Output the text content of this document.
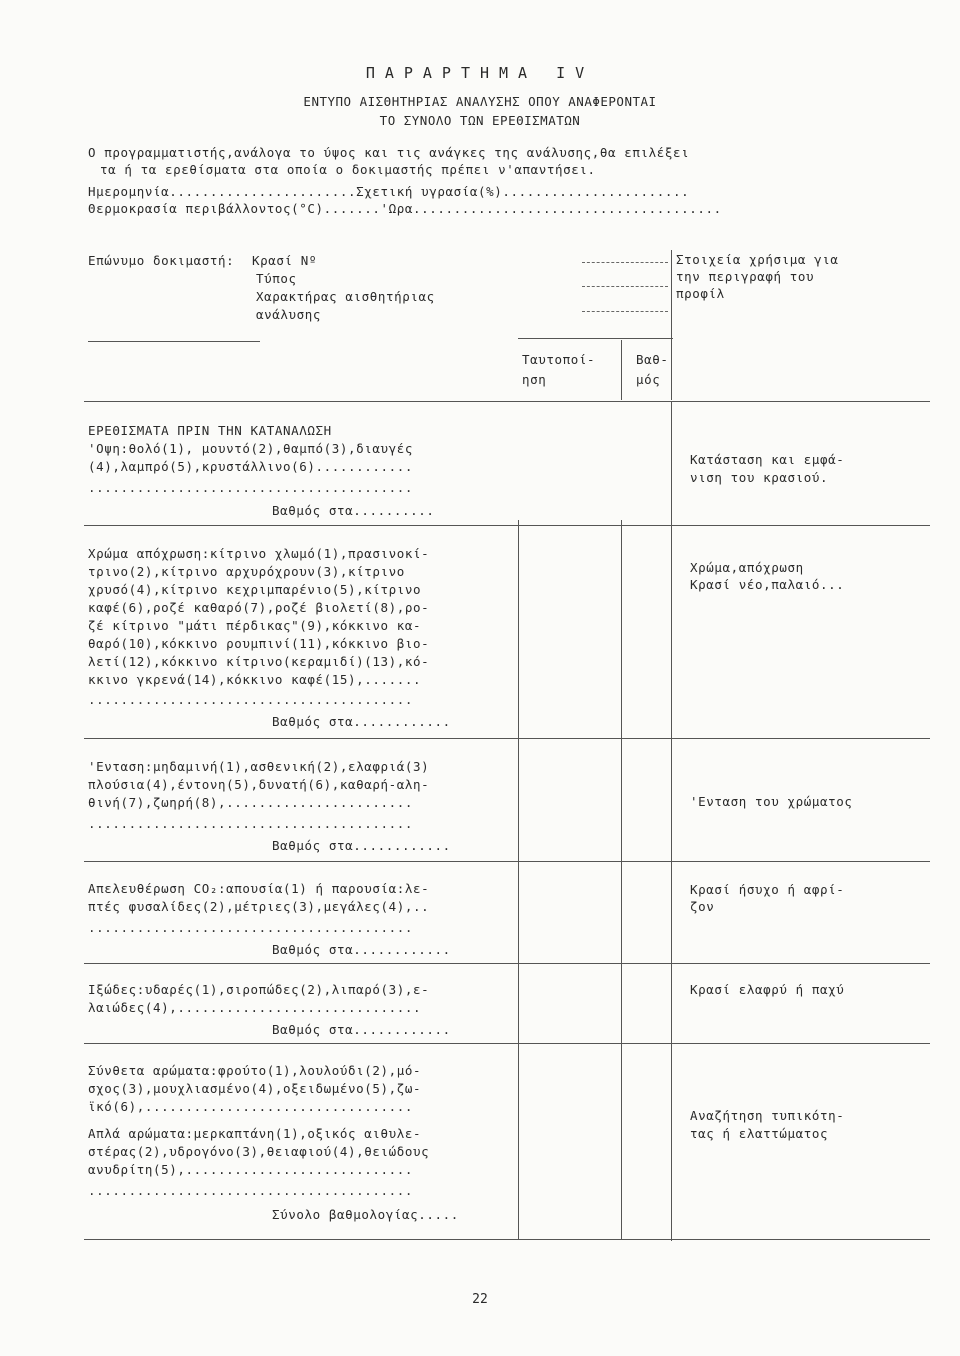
ΠΑΡΑΡΤΗΜΑ IV
ΕΝΤΥΠΟ ΑΙΣΘΗΤΗΡΙΑΣ ΑΝΑΛΥΣΗΣ ΟΠΟΥ ΑΝΑΦΕΡΟΝΤΑΙ
ΤΟ ΣΥΝΟΛΟ ΤΩΝ ΕΡΕΘΙΣΜΑΤΩΝ
Ο προγραμματιστής,ανάλογα το ύψος και τις ανάγκες της ανάλυσης,θα επιλέξει
τα ή τα ερεθίσματα στα οποία ο δοκιμαστής πρέπει ν'απαντήσει.
Ημερομηνία.......................Σχετική υγρασία(%).......................
Θερμοκρασία περιβάλλοντος(°C).......'Ωρα......................................
Επώνυμο δοκιμαστή: Κρασί Νº
Τύπος
Χαρακτήρας αισθητήριας
ανάλυσης
Στοιχεία χρήσιμα για
την περιγραφή του
προφίλ
Ταυτοποί-
ηση
Βαθ-
μός
ΕΡΕΘΙΣΜΑΤΑ ΠΡΙΝ ΤΗΝ ΚΑΤΑΝΑΛΩΣΗ
'Οψη:θολό(1), μουντό(2),θαμπό(3),διαυγές
(4),λαμπρό(5),κρυστάλλινο(6)............
........................................
Βαθμός στα..........
Κατάσταση και εμφά-
νιση του κρασιού.
Χρώμα απόχρωση:κίτρινο χλωμό(1),πρασινοκί-
τρινο(2),κίτρινο αρχυρόχρουν(3),κίτρινο
χρυσό(4),κίτρινο κεχριμπαρένιο(5),κίτρινο
καφέ(6),ροζέ καθαρό(7),ροζέ βιολετί(8),ρο-
ζέ κίτρινο "μάτι πέρδικας"(9),κόκκινο κα-
θαρό(10),κόκκινο ρουμπινί(11),κόκκινο βιο-
λετί(12),κόκκινο κίτρινο(κεραμιδί)(13),κό-
κκινο γκρενά(14),κόκκινο καφέ(15),.......
........................................
Βαθμός στα............
Χρώμα,απόχρωση
Κρασί νέο,παλαιό...
'Ενταση:μηδαμινή(1),ασθενική(2),ελαφριά(3)
πλούσια(4),έντονη(5),δυνατή(6),καθαρή-αλη-
θινή(7),ζωηρή(8),.......................
........................................
Βαθμός στα............
'Ενταση του χρώματος
Απελευθέρωση CO₂:απουσία(1) ή παρουσία:λε-
πτές φυσαλίδες(2),μέτριες(3),μεγάλες(4),..
........................................
Βαθμός στα............
Κρασί ήσυχο ή αφρί-
ζον
Ιξώδες:υδαρές(1),σιροπώδες(2),λιπαρό(3),ε-
λαιώδες(4),..............................
Βαθμός στα............
Κρασί ελαφρύ ή παχύ
Σύνθετα αρώματα:φρούτο(1),λουλούδι(2),μό-
σχος(3),μουχλιασμένο(4),οξειδωμένο(5),ζω-
ϊκό(6),.................................
Απλά αρώματα:μερκαπτάνη(1),οξικός αιθυλε-
στέρας(2),υδρογόνο(3),θειαφιού(4),θειώδους
ανυδρίτη(5),............................
........................................
Σύνολο βαθμολογίας.....
Αναζήτηση τυπικότη-
τας ή ελαττώματος
22
